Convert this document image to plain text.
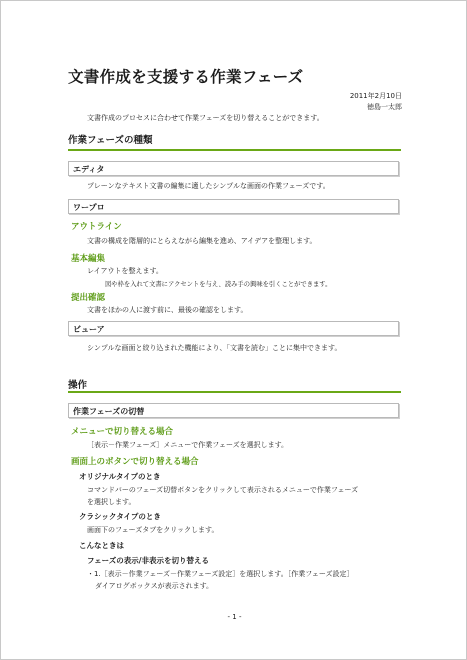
文書作成を支援する作業フェーズ
2011年2月10日
徳島一太郎
文書作成のプロセスに合わせて作業フェーズを切り替えることができます。
作業フェーズの種類
エディタ
プレーンなテキスト文書の編集に適したシンプルな画面の作業フェーズです。
ワープロ
アウトライン
文書の構成を階層的にとらえながら編集を進め、アイデアを整理します。
基本編集
レイアウトを整えます。
図や枠を入れて文書にアクセントを与え、読み手の興味を引くことができます。
提出確認
文書をほかの人に渡す前に、最後の確認をします。
ビューア
シンプルな画面と絞り込まれた機能により、「文書を読む」ことに集中できます。
操作
作業フェーズの切替
メニューで切り替える場合
［表示－作業フェーズ］メニューで作業フェーズを選択します。
画面上のボタンで切り替える場合
オリジナルタイプのとき
コマンドバーのフェーズ切替ボタンをクリックして表示されるメニューで作業フェーズ
を選択します。
クラシックタイプのとき
画面下のフェーズタブをクリックします。
こんなときは
フェーズの表示/非表示を切り替える
・1.［表示－作業フェーズ－作業フェーズ設定］を選択します。［作業フェーズ設定］
ダイアログボックスが表示されます。
- 1 -
